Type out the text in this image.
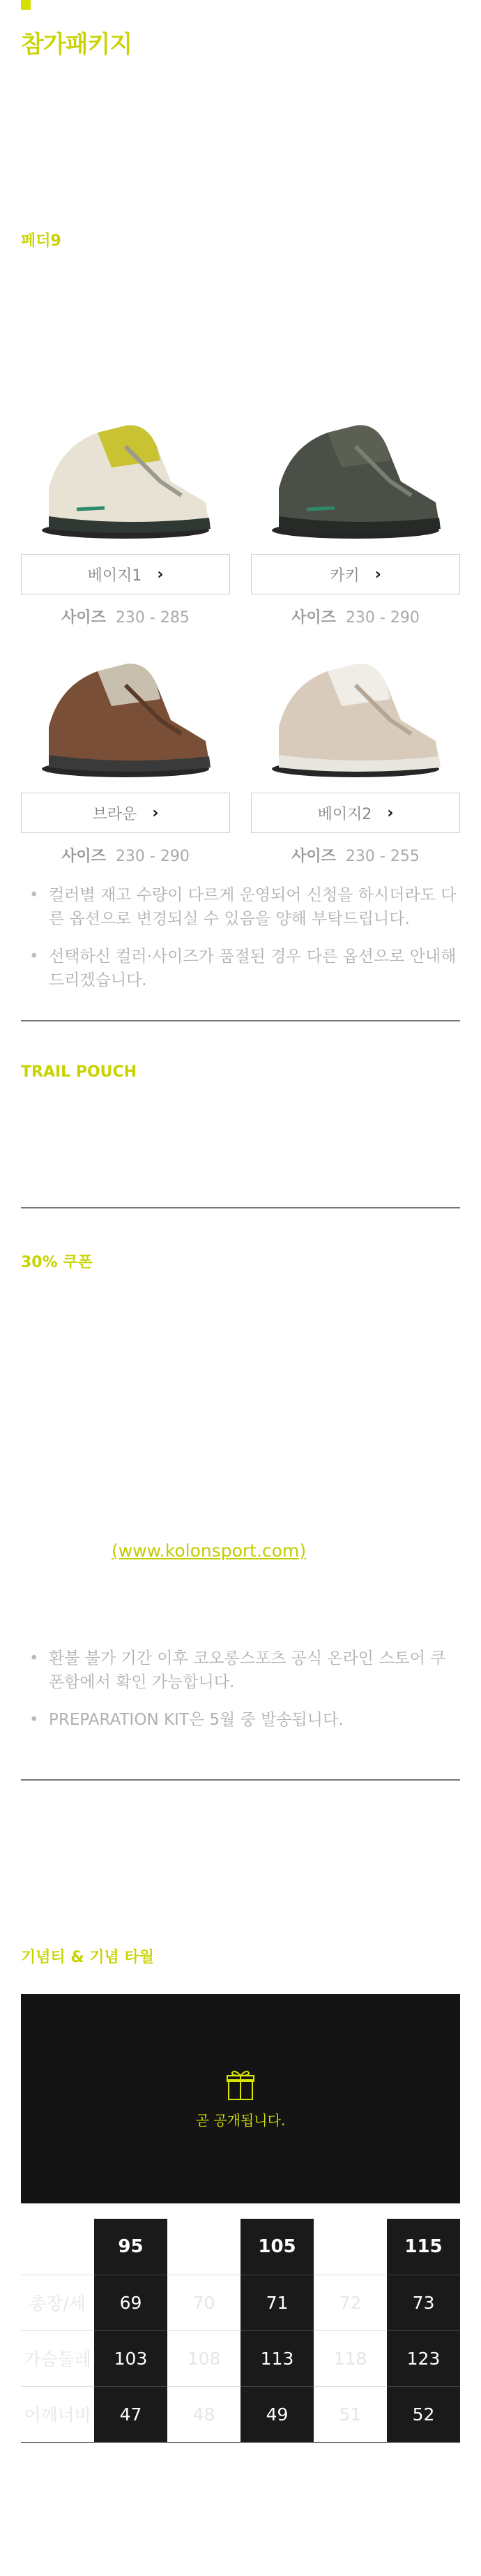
참가패키지
페더9
베이지1 ›
사이즈 230 - 285
카키 ›
사이즈 230 - 290
브라운 ›
사이즈 230 - 290
베이지2 ›
사이즈 230 - 255
• 컬러별 재고 수량이 다르게 운영되어 신청을 하시더라도 다른 옵션으로 변경되실 수 있음을 양해 부탁드립니다.
• 선택하신 컬러·사이즈가 품절된 경우 다른 옵션으로 안내해 드리겠습니다.
TRAIL POUCH
30% 쿠폰
(www.kolonsport.com)
• 환불 불가 기간 이후 코오롱스포츠 공식 온라인 스토어 쿠폰함에서 확인 가능합니다.
• PREPARATION KIT은 5월 중 발송됩니다.
기념티 & 기념 타월
곧 공개됩니다.
	95		105		115
총장/세	69	70	71	72	73
가슴둘레	103	108	113	118	123
어깨너비	47	48	49	51	52
